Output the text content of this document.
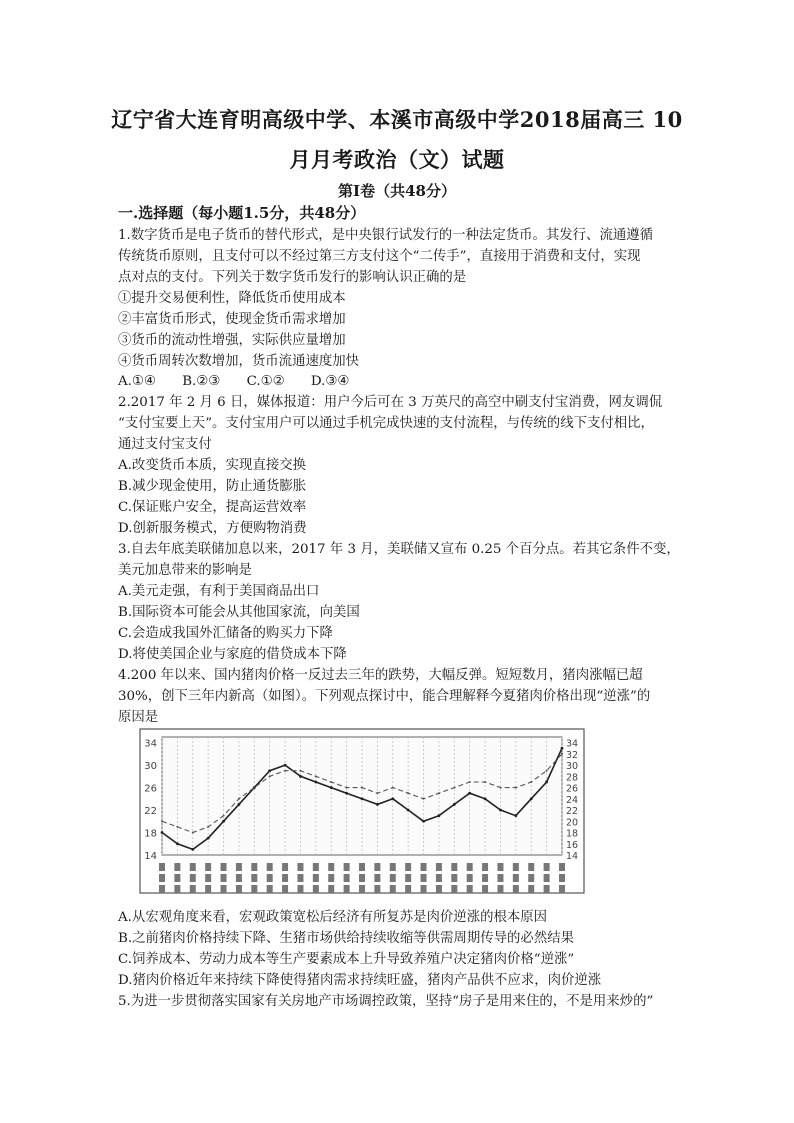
辽宁省大连育明高级中学、本溪市高级中学2018届高三 10
月月考政治（文）试题
第Ⅰ卷（共48分）
一.选择题（每小题1.5分，共48分）
1.数字货币是电子货币的替代形式，是中央银行试发行的一种法定货币。其发行、流通遵循
传统货币原则，且支付可以不经过第三方支付这个“二传手”，直接用于消费和支付，实现
点对点的支付。下列关于数字货币发行的影响认识正确的是
①提升交易便利性，降低货币使用成本
②丰富货币形式，使现金货币需求增加
③货币的流动性增强，实际供应量增加
④货币周转次数增加，货币流通速度加快
A.①④ B.②③ C.①② D.③④
2.2017 年 2 月 6 日，媒体报道：用户今后可在 3 万英尺的高空中刷支付宝消费，网友调侃
“支付宝要上天”。支付宝用户可以通过手机完成快速的支付流程，与传统的线下支付相比，
通过支付宝支付
A.改变货币本质，实现直接交换
B.减少现金使用，防止通货膨胀
C.保证账户安全，提高运营效率
D.创新服务模式，方便购物消费
3.自去年底美联储加息以来，2017 年 3 月，美联储又宣布 0.25 个百分点。若其它条件不变，
美元加息带来的影响是
A.美元走强，有利于美国商品出口
B.国际资本可能会从其他国家流，向美国
C.会造成我国外汇储备的购买力下降
D.将使美国企业与家庭的借贷成本下降
4.200 年以来、国内猪肉价格一反过去三年的跌势，大幅反弹。短短数月，猪肉涨幅已超
30%，创下三年内新高（如图）。下列观点探讨中，能合理解释今夏猪肉价格出现“逆涨”的
原因是
34
30
26
22
18
14
34
32
30
28
26
24
22
20
18
16
14
A.从宏观角度来看，宏观政策宽松后经济有所复苏是肉价逆涨的根本原因
B.之前猪肉价格持续下降、生猪市场供给持续收缩等供需周期传导的必然结果
C.饲养成本、劳动力成本等生产要素成本上升导致养殖户决定猪肉价格“逆涨”
D.猪肉价格近年来持续下降使得猪肉需求持续旺盛，猪肉产品供不应求，肉价逆涨
5.为进一步贯彻落实国家有关房地产市场调控政策，坚持“房子是用来住的，不是用来炒的”
